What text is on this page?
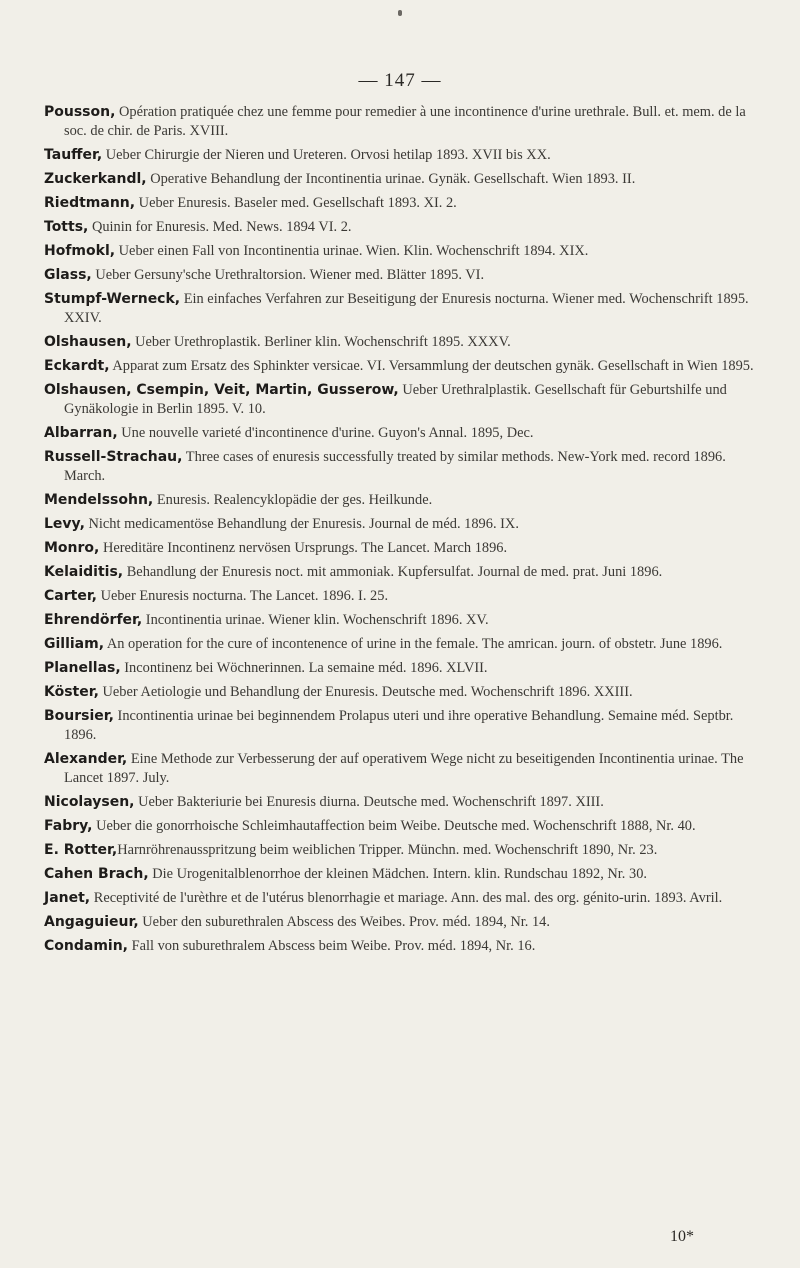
— 147 —

Pousson, Opération pratiquée chez une femme pour remedier à une incontinence d'urine urethrale. Bull. et. mem. de la soc. de chir. de Paris. XVIII.

Tauffer, Ueber Chirurgie der Nieren und Ureteren. Orvosi hetilap 1893. XVII bis XX.

Zuckerkandl, Operative Behandlung der Incontinentia urinae. Gynäk. Gesellschaft. Wien 1893. II.

Riedtmann, Ueber Enuresis. Baseler med. Gesellschaft 1893. XI. 2.

Totts, Quinin for Enuresis. Med. News. 1894 VI. 2.

Hofmokl, Ueber einen Fall von Incontinentia urinae. Wien. Klin. Wochenschrift 1894. XIX.

Glass, Ueber Gersuny'sche Urethraltorsion. Wiener med. Blätter 1895. VI.

Stumpf-Werneck, Ein einfaches Verfahren zur Beseitigung der Enuresis nocturna. Wiener med. Wochenschrift 1895. XXIV.

Olshausen, Ueber Urethroplastik. Berliner klin. Wochenschrift 1895. XXXV.

Eckardt, Apparat zum Ersatz des Sphinkter versicae. VI. Versammlung der deutschen gynäk. Gesellschaft in Wien 1895.

Olshausen, Csempin, Veit, Martin, Gusserow, Ueber Urethralplastik. Gesellschaft für Geburtshilfe und Gynäkologie in Berlin 1895. V. 10.

Albarran, Une nouvelle varieté d'incontinence d'urine. Guyon's Annal. 1895, Dec.

Russell-Strachau, Three cases of enuresis successfully treated by similar methods. New-York med. record 1896. March.

Mendelssohn, Enuresis. Realencyklopädie der ges. Heilkunde.

Levy, Nicht medicamentöse Behandlung der Enuresis. Journal de méd. 1896. IX.

Monro, Hereditäre Incontinenz nervösen Ursprungs. The Lancet. March 1896.

Kelaiditis, Behandlung der Enuresis noct. mit ammoniak. Kupfersulfat. Journal de med. prat. Juni 1896.

Carter, Ueber Enuresis nocturna. The Lancet. 1896. I. 25.

Ehrendörfer, Incontinentia urinae. Wiener klin. Wochenschrift 1896. XV.

Gilliam, An operation for the cure of incontenence of urine in the female. The amrican. journ. of obstetr. June 1896.

Planellas, Incontinenz bei Wöchnerinnen. La semaine méd. 1896. XLVII.

Köster, Ueber Aetiologie und Behandlung der Enuresis. Deutsche med. Wochenschrift 1896. XXIII.

Boursier, Incontinentia urinae bei beginnendem Prolapus uteri und ihre operative Behandlung. Semaine méd. Septbr. 1896.

Alexander, Eine Methode zur Verbesserung der auf operativem Wege nicht zu beseitigenden Incontinentia urinae. The Lancet 1897. July.

Nicolaysen, Ueber Bakteriurie bei Enuresis diurna. Deutsche med. Wochenschrift 1897. XIII.

Fabry, Ueber die gonorrhoische Schleimhautaffection beim Weibe. Deutsche med. Wochenschrift 1888, Nr. 40.

E. Rotter,Harnröhrenausspritzung beim weiblichen Tripper. Münchn. med. Wochenschrift 1890, Nr. 23.

Cahen Brach, Die Urogenitalblenorrhoe der kleinen Mädchen. Intern. klin. Rundschau 1892, Nr. 30.

Janet, Receptivité de l'urèthre et de l'utérus blenorrhagie et mariage. Ann. des mal. des org. génito-urin. 1893. Avril.

Angaguieur, Ueber den suburethralen Abscess des Weibes. Prov. méd. 1894, Nr. 14.

Condamin, Fall von suburethralem Abscess beim Weibe. Prov. méd. 1894, Nr. 16.

10*
